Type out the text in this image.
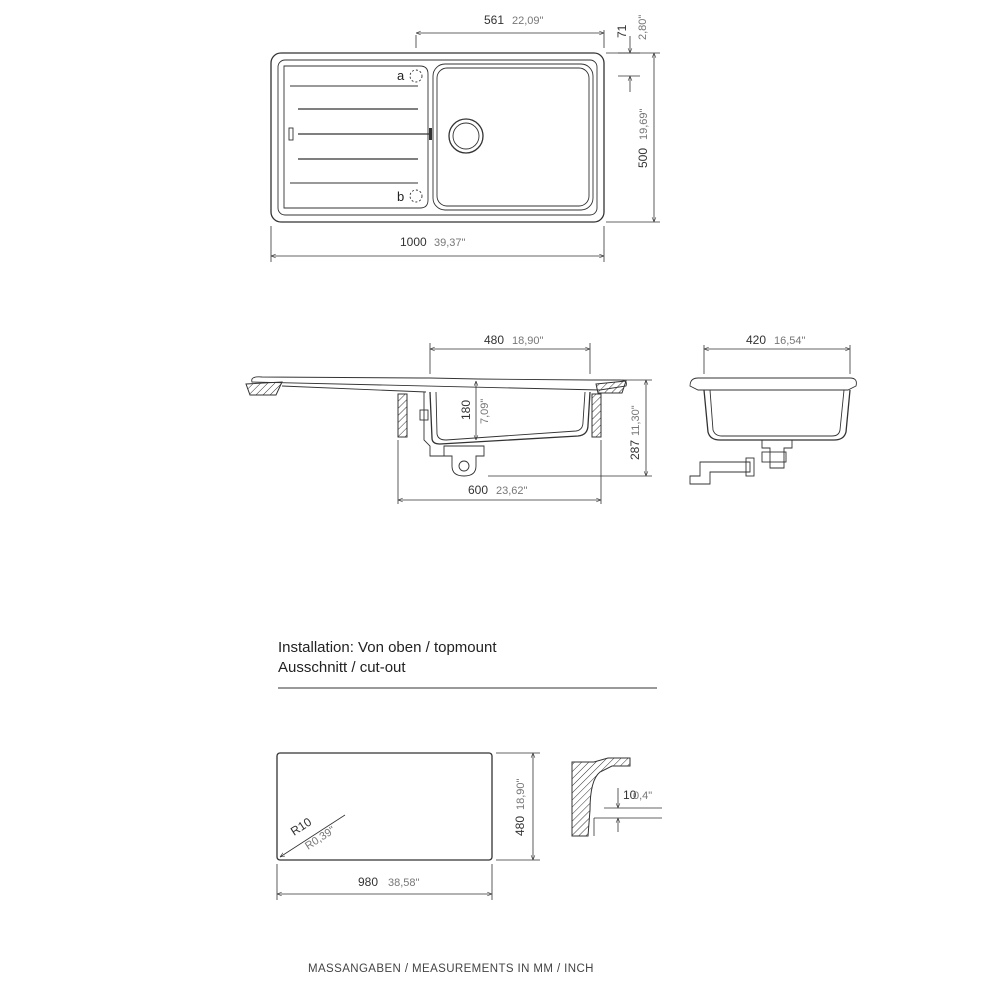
a
b
561 22,09"
1000 39,37"
500
19,69"
71 2,80"
480 18,90"
180 7,09"
600 23,62"
287
11,30"
420 16,54"
Installation: Von oben / topmount
Ausschnitt / cut-out
R10
R0,39"
980 38,58"
480
18,90"	10
0,4"
MASSANGABEN / MEASUREMENTS IN MM / INCH
